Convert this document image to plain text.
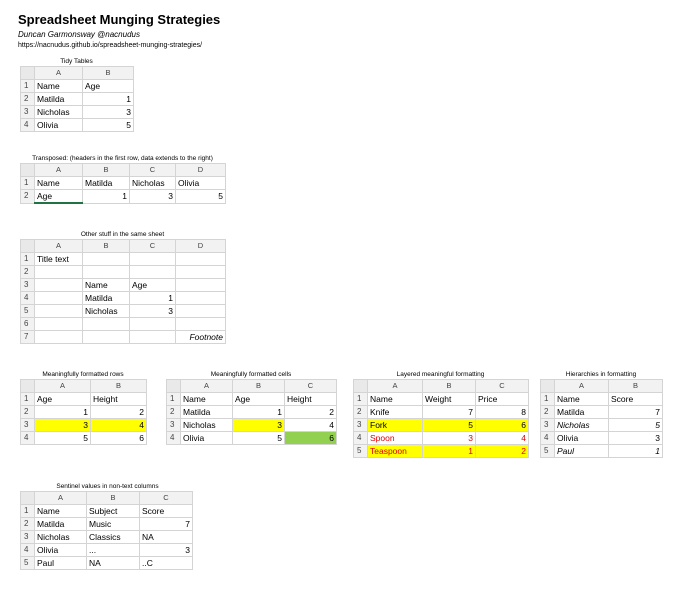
Spreadsheet Munging Strategies

Duncan Garmonsway @nacnudus

https://nacnudus.github.io/spreadsheet-munging-strategies/

Tidy Tables
	A	B
1	Name	Age
2	Matilda	1
3	Nicholas	3
4	Olivia	5
Transposed: (headers in the first row, data extends to the right)
	A	B	C	D
1	Name	Matilda	Nicholas	Olivia
2	Age	1	3	5
Other stuff in the same sheet
	A	B	C	D
1	Title text			
2				
3		Name	Age	
4		Matilda	1	
5		Nicholas	3	
6				
7				Footnote
Meaningfully formatted rows
	A	B
1	Age	Height
2	1	2
3	3	4
4	5	6
Meaningfully formatted cells
	A	B	C
1	Name	Age	Height
2	Matilda	1	2
3	Nicholas	3	4
4	Olivia	5	6
Layered meaningful formatting
	A	B	C
1	Name	Weight	Price
2	Knife	7	8
3	Fork	5	6
4	Spoon	3	4
5	Teaspoon	1	2
Hierarchies in formatting
	A	B
1	Name	Score
2	Matilda	7
3	Nicholas	5
4	Olivia	3
5	Paul	1
Sentinel values in non-text columns
	A	B	C
1	Name	Subject	Score
2	Matilda	Music	7
3	Nicholas	Classics	NA
4	Olivia	...	3
5	Paul	NA	..C
